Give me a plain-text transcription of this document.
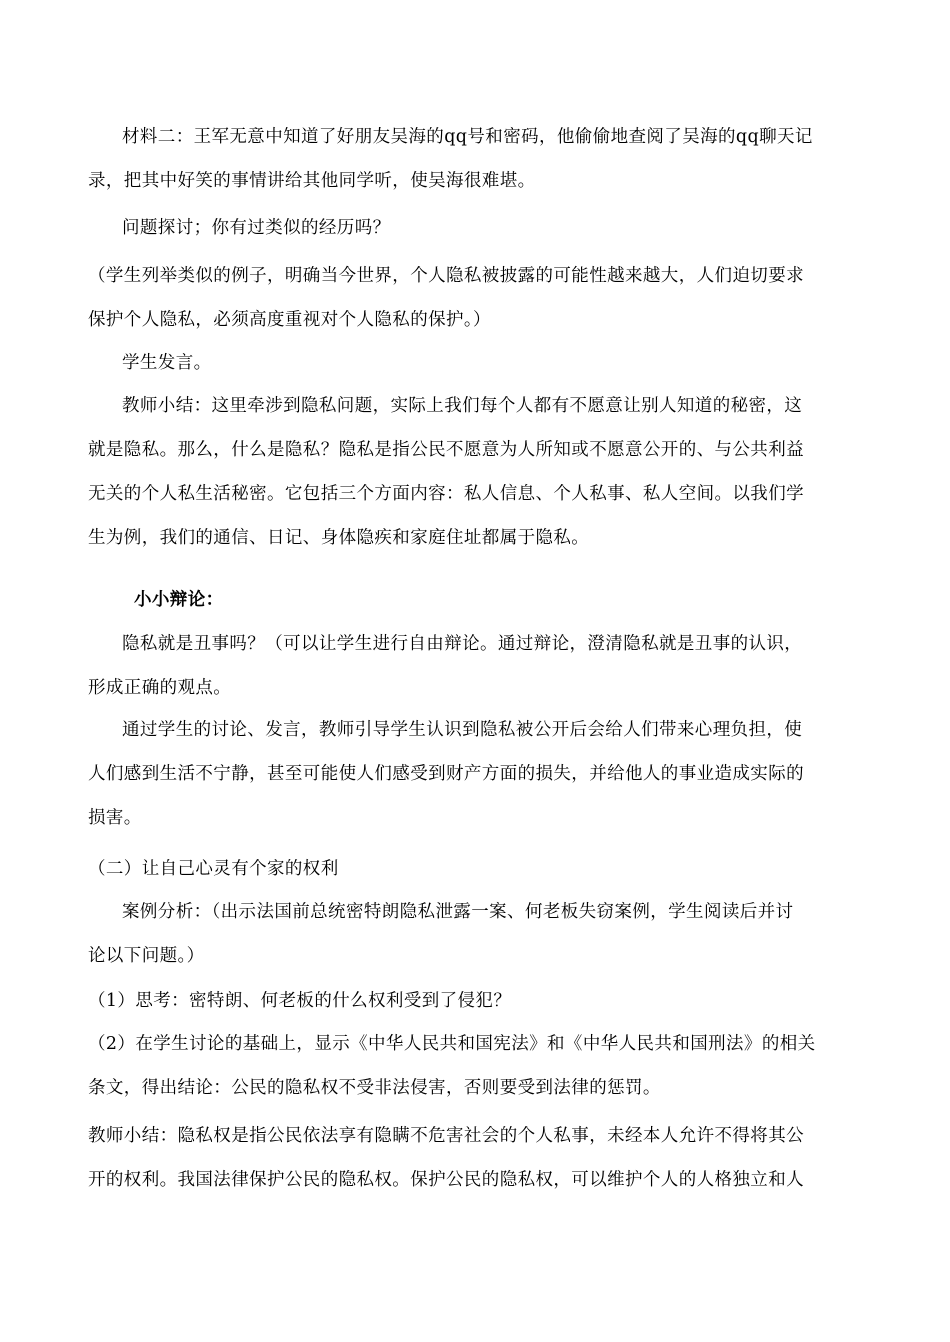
材料二：王军无意中知道了好朋友吴海的qq号和密码，他偷偷地查阅了吴海的qq聊天记
录，把其中好笑的事情讲给其他同学听，使吴海很难堪。

问题探讨；你有过类似的经历吗？

（学生列举类似的例子，明确当今世界，个人隐私被披露的可能性越来越大，人们迫切要求
保护个人隐私，必须高度重视对个人隐私的保护。）

学生发言。

教师小结：这里牵涉到隐私问题，实际上我们每个人都有不愿意让别人知道的秘密，这
就是隐私。那么，什么是隐私？隐私是指公民不愿意为人所知或不愿意公开的、与公共利益
无关的个人私生活秘密。它包括三个方面内容：私人信息、个人私事、私人空间。以我们学
生为例，我们的通信、日记、身体隐疾和家庭住址都属于隐私。

小小辩论：

隐私就是丑事吗？（可以让学生进行自由辩论。通过辩论，澄清隐私就是丑事的认识，
形成正确的观点。

通过学生的讨论、发言，教师引导学生认识到隐私被公开后会给人们带来心理负担，使
人们感到生活不宁静，甚至可能使人们感受到财产方面的损失，并给他人的事业造成实际的
损害。

（二）让自己心灵有个家的权利

案例分析：（出示法国前总统密特朗隐私泄露一案、何老板失窃案例，学生阅读后并讨
论以下问题。）

（1）思考：密特朗、何老板的什么权利受到了侵犯？

（2）在学生讨论的基础上，显示《中华人民共和国宪法》和《中华人民共和国刑法》的相关
条文，得出结论：公民的隐私权不受非法侵害，否则要受到法律的惩罚。

教师小结：隐私权是指公民依法享有隐瞒不危害社会的个人私事，未经本人允许不得将其公
开的权利。我国法律保护公民的隐私权。保护公民的隐私权，可以维护个人的人格独立和人
